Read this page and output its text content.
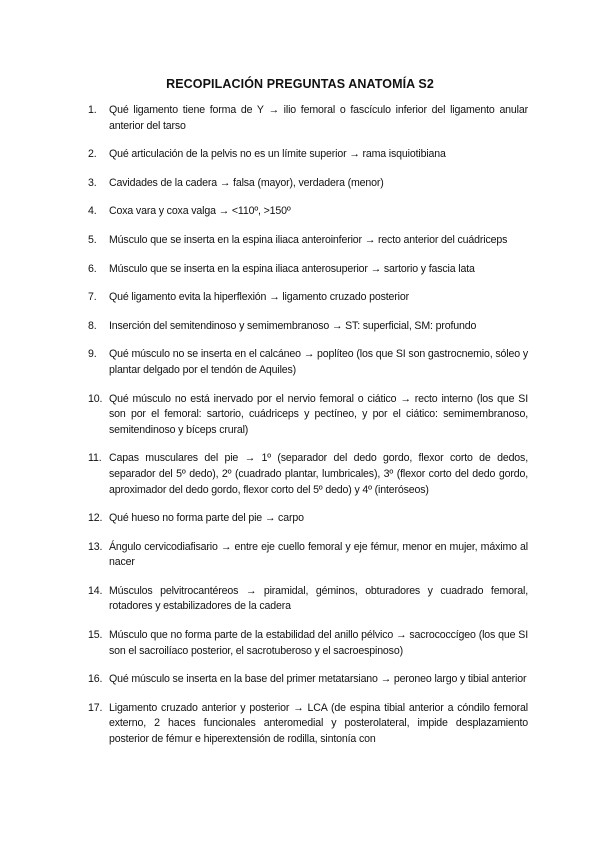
RECOPILACIÓN PREGUNTAS ANATOMÍA S2
1. Qué ligamento tiene forma de Y → ilio femoral o fascículo inferior del ligamento anular anterior del tarso
2. Qué articulación de la pelvis no es un límite superior → rama isquiotibiana
3. Cavidades de la cadera → falsa (mayor), verdadera (menor)
4. Coxa vara y coxa valga → <110º, >150º
5. Músculo que se inserta en la espina iliaca anteroinferior → recto anterior del cuádriceps
6. Músculo que se inserta en la espina iliaca anterosuperior → sartorio y fascia lata
7. Qué ligamento evita la hiperflexión → ligamento cruzado posterior
8. Inserción del semitendinoso y semimembranoso → ST: superficial, SM: profundo
9. Qué músculo no se inserta en el calcáneo → poplíteo (los que SI son gastrocnemio, sóleo y plantar delgado por el tendón de Aquiles)
10. Qué músculo no está inervado por el nervio femoral o ciático → recto interno (los que SI son por el femoral: sartorio, cuádriceps y pectíneo, y por el ciático: semimembranoso, semitendinoso y bíceps crural)
11. Capas musculares del pie → 1º (separador del dedo gordo, flexor corto de dedos, separador del 5º dedo), 2º (cuadrado plantar, lumbricales), 3º (flexor corto del dedo gordo, aproximador del dedo gordo, flexor corto del 5º dedo) y 4º (interóseos)
12. Qué hueso no forma parte del pie → carpo
13. Ángulo cervicodiafisario → entre eje cuello femoral y eje fémur, menor en mujer, máximo al nacer
14. Músculos pelvitrocantéreos → piramidal, géminos, obturadores y cuadrado femoral, rotadores y estabilizadores de la cadera
15. Músculo que no forma parte de la estabilidad del anillo pélvico → sacrococcígeo (los que SI son el sacroilíaco posterior, el sacrotuberoso y el sacroespinoso)
16. Qué músculo se inserta en la base del primer metatarsiano → peroneo largo y tibial anterior
17. Ligamento cruzado anterior y posterior → LCA (de espina tibial anterior a cóndilo femoral externo, 2 haces funcionales anteromedial y posterolateral, impide desplazamiento posterior de fémur e hiperextensión de rodilla, sintonía con
